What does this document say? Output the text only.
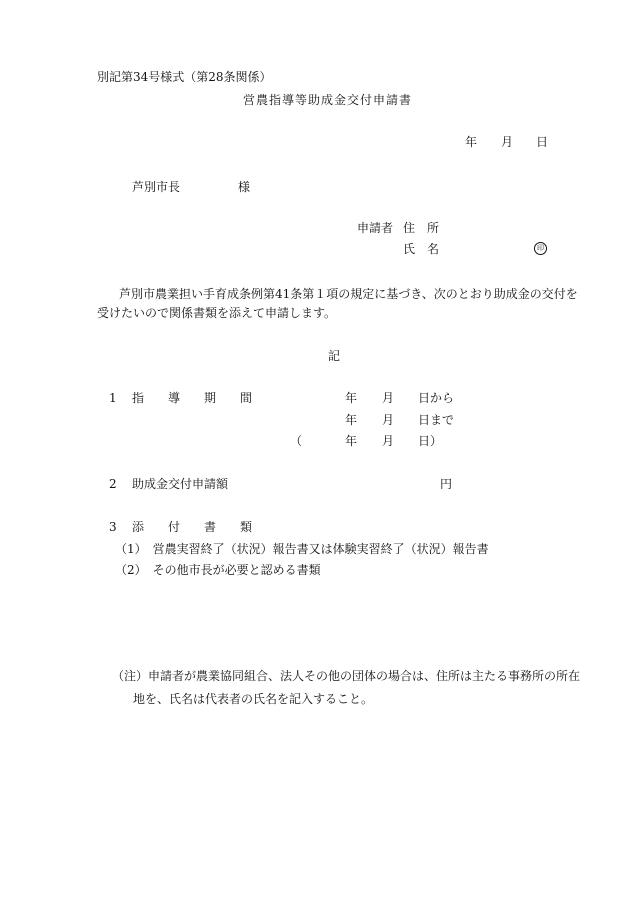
別記第34号様式（第28条関係）
営農指導等助成金交付申請書
年 月 日
芦別市長	様
申請者 住　所
氏　名	印
芦別市農業担い手育成条例第41条第１項の規定に基づき、次のとおり助成金の交付を
受けたいので関係書類を添えて申請します。
記
1 指　　導　　期　　間	年 月 日から
年 月 日まで
（	年 月 日）
2 助成金交付申請額	円
3 添　　付　　書　　類
（1）　営農実習終了（状況）報告書又は体験実習終了（状況）報告書
（2）　その他市長が必要と認める書類
（注）申請者が農業協同組合、法人その他の団体の場合は、住所は主たる事務所の所在
地を、氏名は代表者の氏名を記入すること。
